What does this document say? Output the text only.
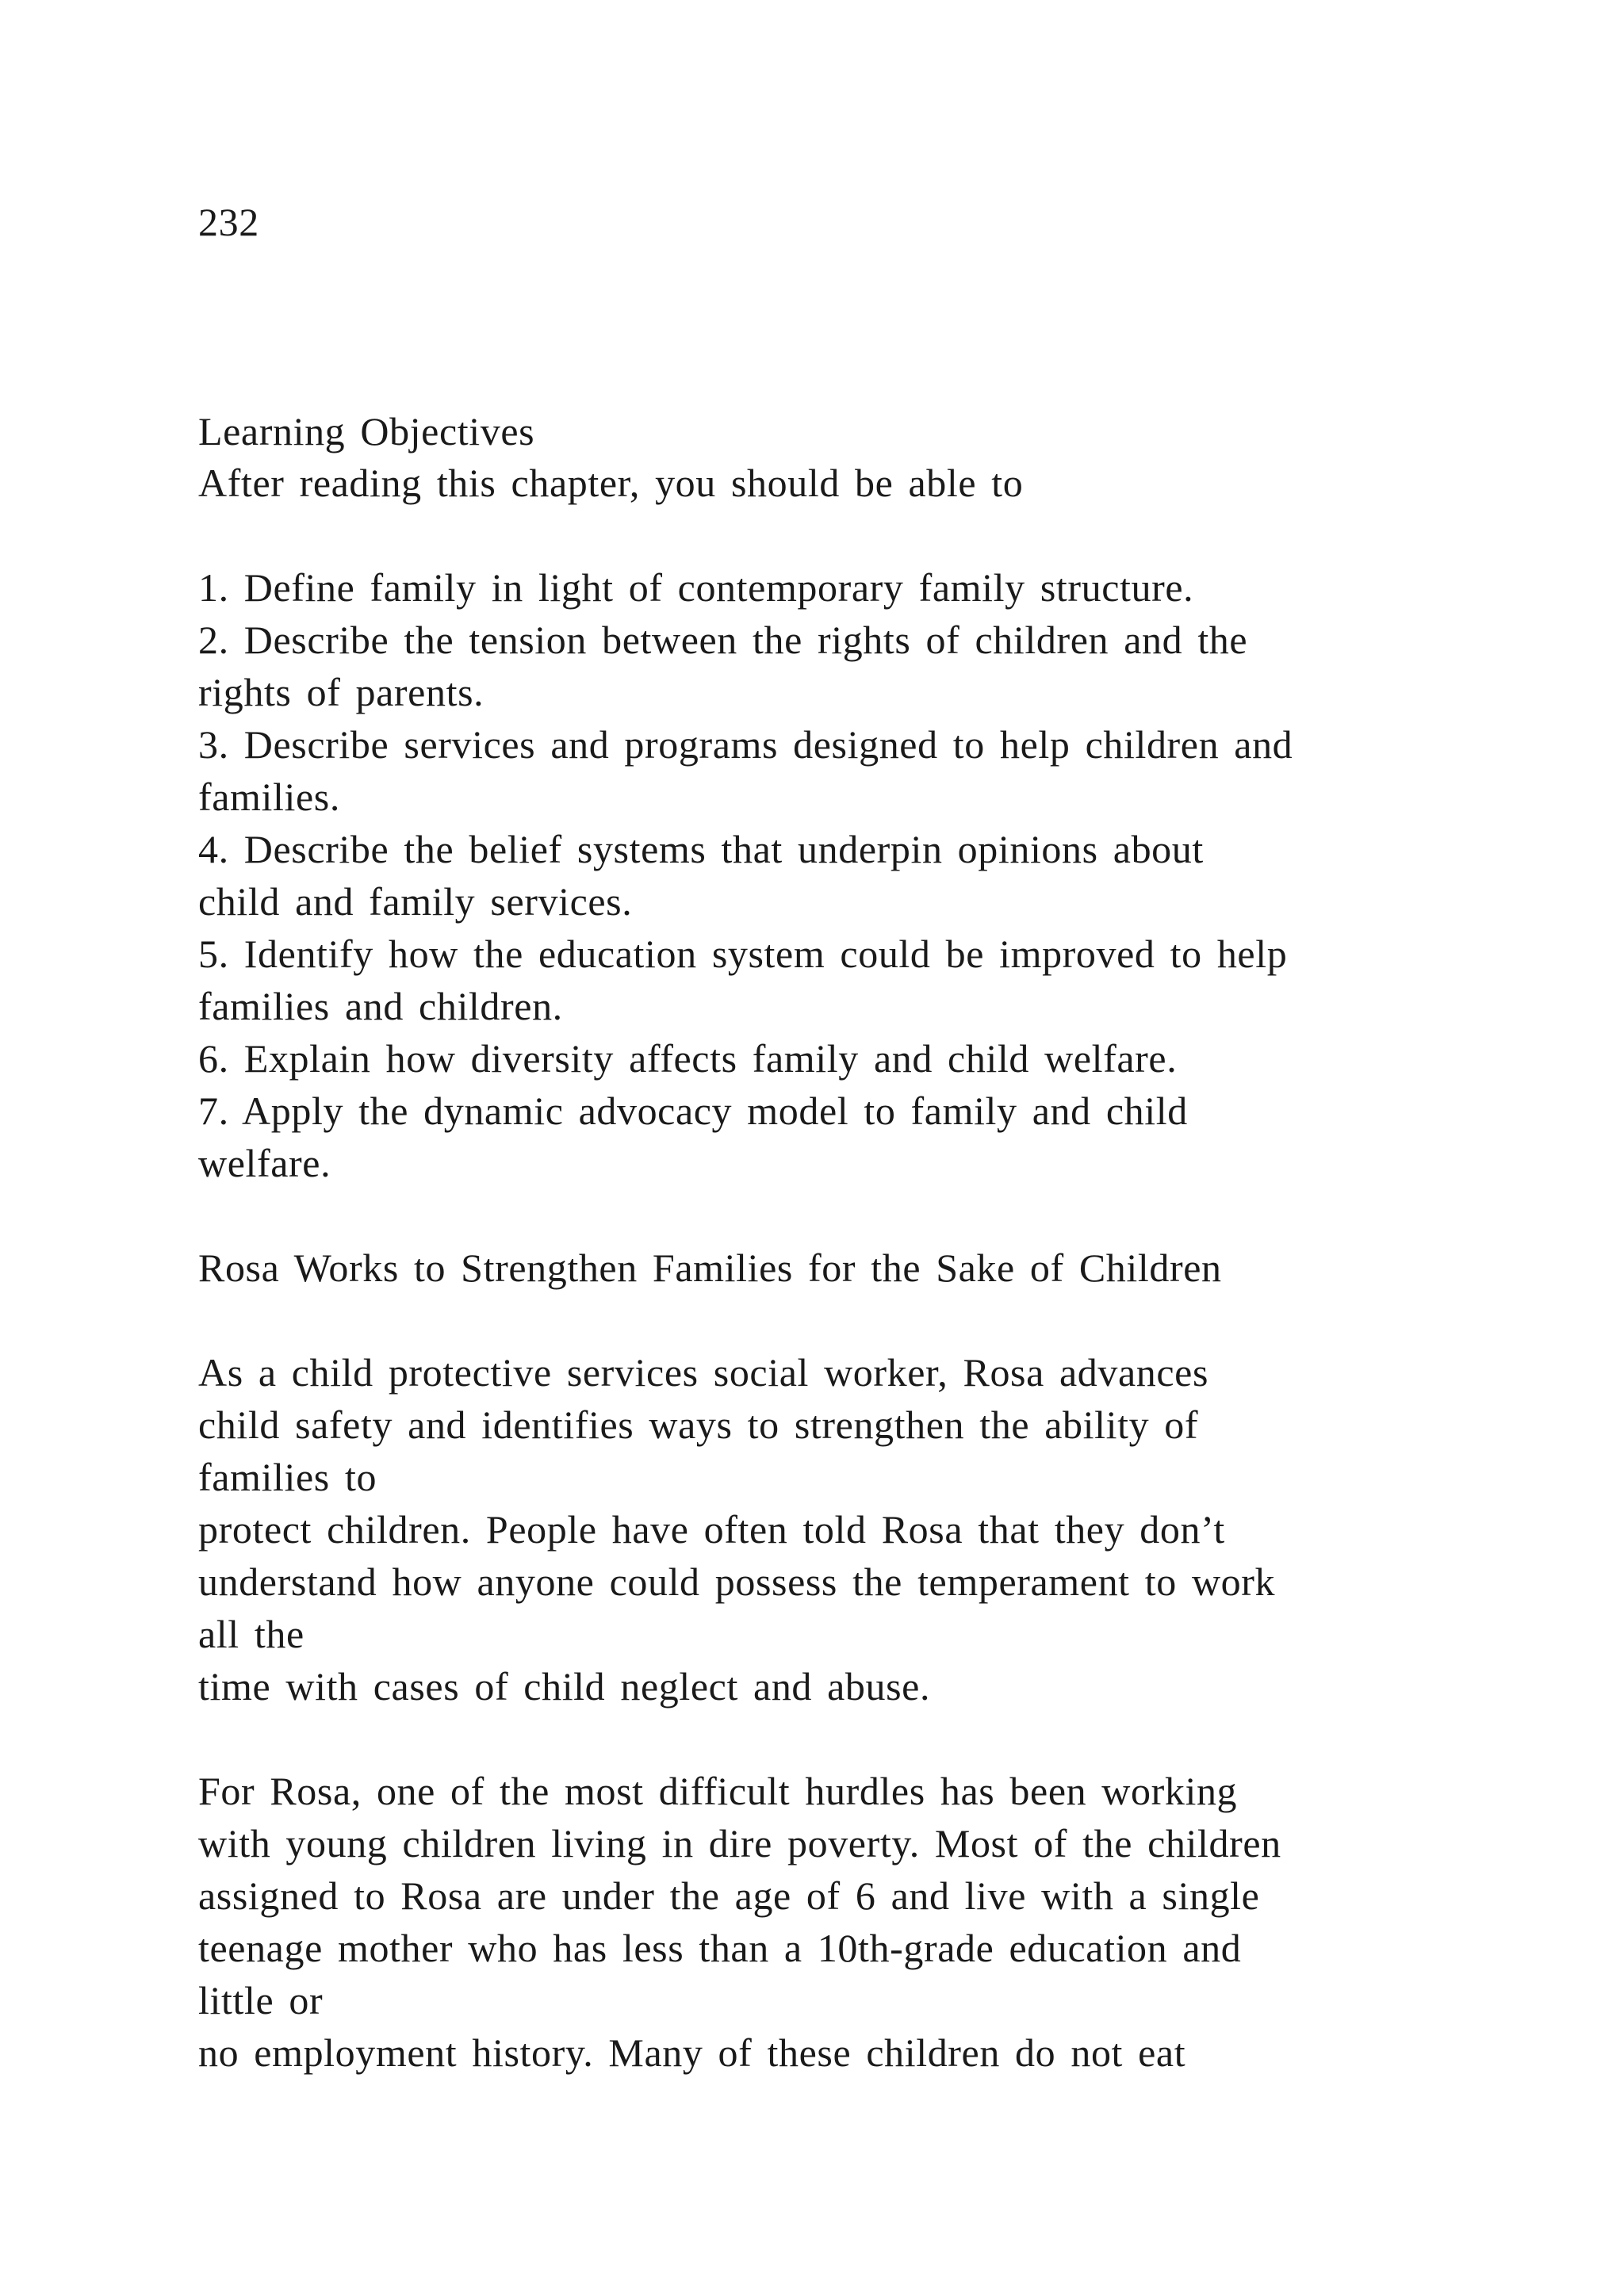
232
Learning Objectives
After reading this chapter, you should be able to
1. Define family in light of contemporary family structure.
2. Describe the tension between the rights of children and the
rights of parents.
3. Describe services and programs designed to help children and
families.
4. Describe the belief systems that underpin opinions about
child and family services.
5. Identify how the education system could be improved to help
families and children.
6. Explain how diversity affects family and child welfare.
7. Apply the dynamic advocacy model to family and child
welfare.
Rosa Works to Strengthen Families for the Sake of Children
As a child protective services social worker, Rosa advances
child safety and identifies ways to strengthen the ability of
families to
protect children. People have often told Rosa that they don’t
understand how anyone could possess the temperament to work
all the
time with cases of child neglect and abuse.
For Rosa, one of the most difficult hurdles has been working
with young children living in dire poverty. Most of the children
assigned to Rosa are under the age of 6 and live with a single
teenage mother who has less than a 10th-grade education and
little or
no employment history. Many of these children do not eat
